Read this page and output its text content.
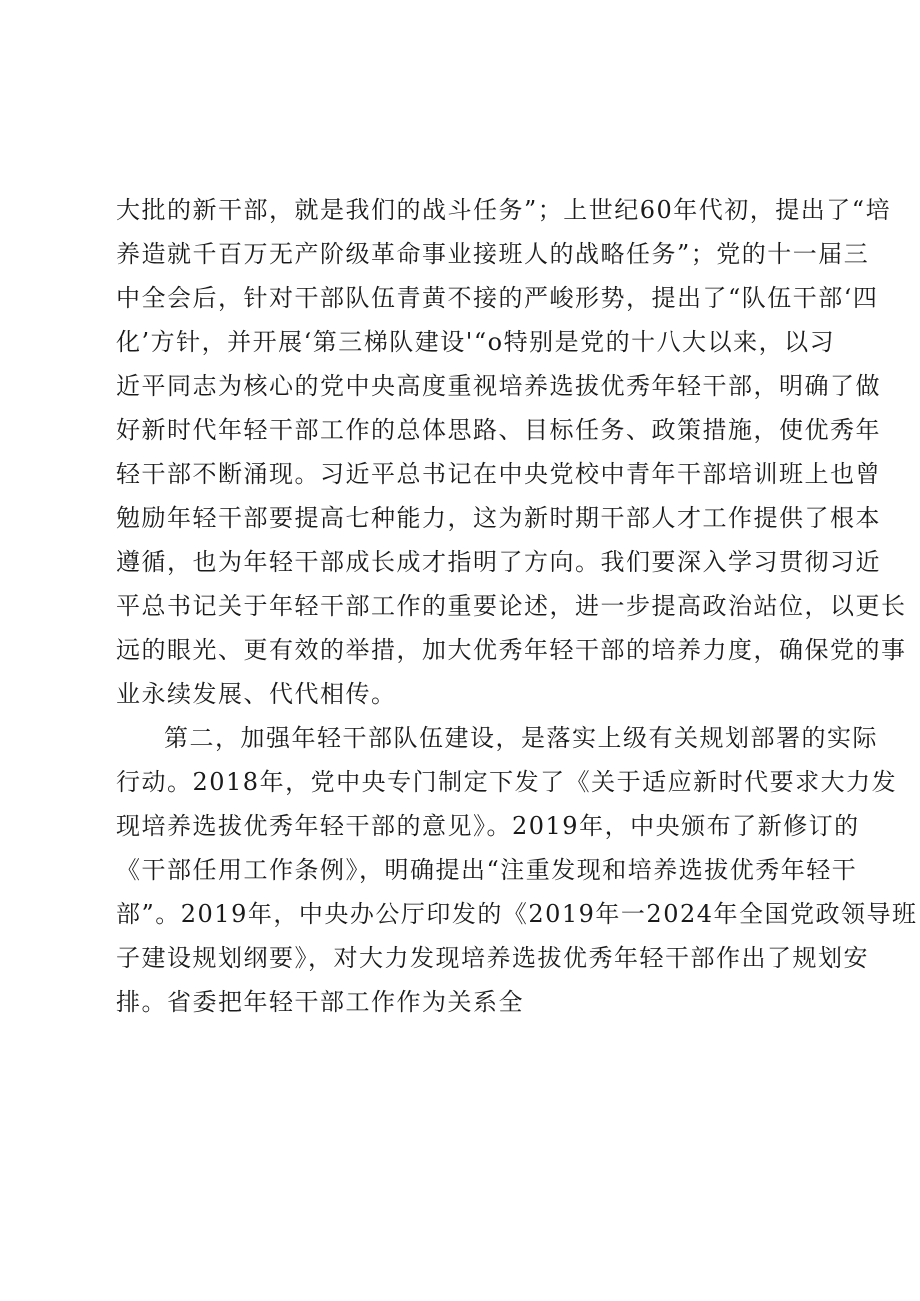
大批的新干部，就是我们的战斗任务”；上世纪60年代初，提出了“培
养造就千百万无产阶级革命事业接班人的战略任务”；党的十一届三
中全会后，针对干部队伍青黄不接的严峻形势，提出了“队伍干部‘四
化’方针，并开展‘第三梯队建设'“o特别是党的十八大以来，以习
近平同志为核心的党中央高度重视培养选拔优秀年轻干部，明确了做
好新时代年轻干部工作的总体思路、目标任务、政策措施，使优秀年
轻干部不断涌现。习近平总书记在中央党校中青年干部培训班上也曾
勉励年轻干部要提高七种能力，这为新时期干部人才工作提供了根本
遵循，也为年轻干部成长成才指明了方向。我们要深入学习贯彻习近
平总书记关于年轻干部工作的重要论述，进一步提高政治站位，以更长
远的眼光、更有效的举措，加大优秀年轻干部的培养力度，确保党的事
业永续发展、代代相传。
第二，加强年轻干部队伍建设，是落实上级有关规划部署的实际
行动。2018年，党中央专门制定下发了《关于适应新时代要求大力发
现培养选拔优秀年轻干部的意见》。2019年，中央颁布了新修订的
《干部任用工作条例》，明确提出“注重发现和培养选拔优秀年轻干
部”。2019年，中央办公厅印发的《2019年一2024年全国党政领导班
子建设规划纲要》，对大力发现培养选拔优秀年轻干部作出了规划安
排。省委把年轻干部工作作为关系全
